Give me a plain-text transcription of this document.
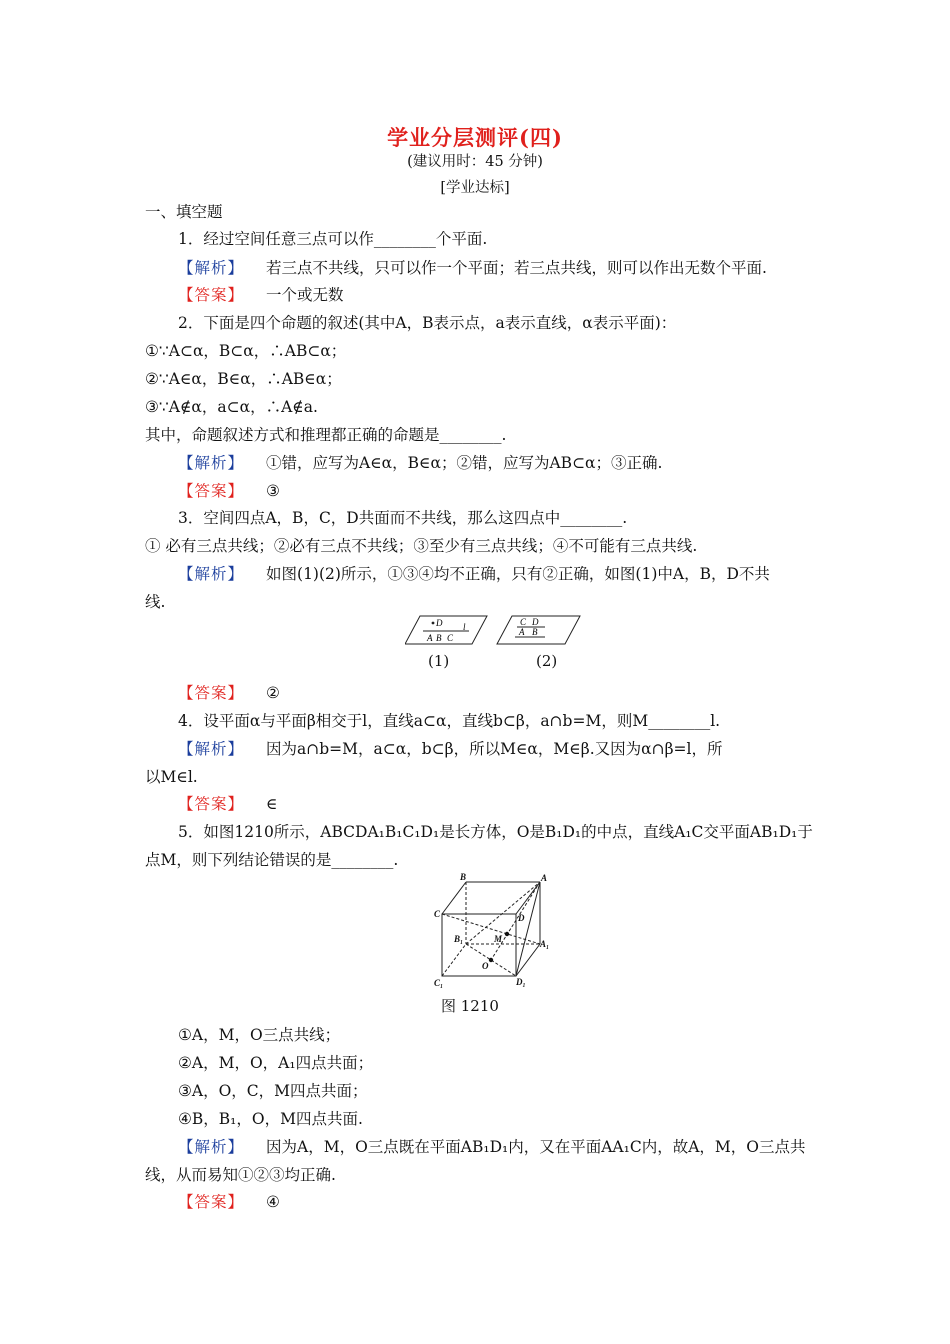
学业分层测评(四)
(建议用时：45 分钟)
[学业达标]
一、填空题
1．经过空间任意三点可以作________个平面.
【解析】 若三点不共线，只可以作一个平面；若三点共线，则可以作出无数个平面.
【答案】 一个或无数
2．下面是四个命题的叙述(其中A，B表示点，a表示直线，α表示平面)：
①∵A⊂α，B⊂α，∴AB⊂α；
②∵A∈α，B∈α，∴AB∈α；
③∵A∉α，a⊂α，∴A∉a.
其中，命题叙述方式和推理都正确的命题是________.
【解析】 ①错，应写为A∈α，B∈α；②错，应写为AB⊂α；③正确.
【答案】 ③
3．空间四点A，B，C，D共面而不共线，那么这四点中________.
① 必有三点共线；②必有三点不共线；③至少有三点共线；④不可能有三点共线.
【解析】 如图(1)(2)所示，①③④均不正确，只有②正确，如图(1)中A，B，D不共
线.
D
A B C
l	C D
A B
(1)	(2)
【答案】 ②
4．设平面α与平面β相交于l，直线a⊂α，直线b⊂β，a∩b=M，则M________l.
【解析】 因为a∩b=M，a⊂α，b⊂β，所以M∈α，M∈β.又因为α∩β=l，所
以M∈l.
【答案】 ∈
5．如图1210所示，ABCDA₁B₁C₁D₁是长方体，O是B₁D₁的中点，直线A₁C交平面AB₁D₁于
点M，则下列结论错误的是________.
B	A
C	D
B₁	M	A₁
O
C₁	D₁
图 1210
①A，M，O三点共线；
②A，M，O，A₁四点共面；
③A，O，C，M四点共面；
④B，B₁，O，M四点共面.
【解析】 因为A，M，O三点既在平面AB₁D₁内，又在平面AA₁C内，故A，M，O三点共
线，从而易知①②③均正确.
【答案】 ④
